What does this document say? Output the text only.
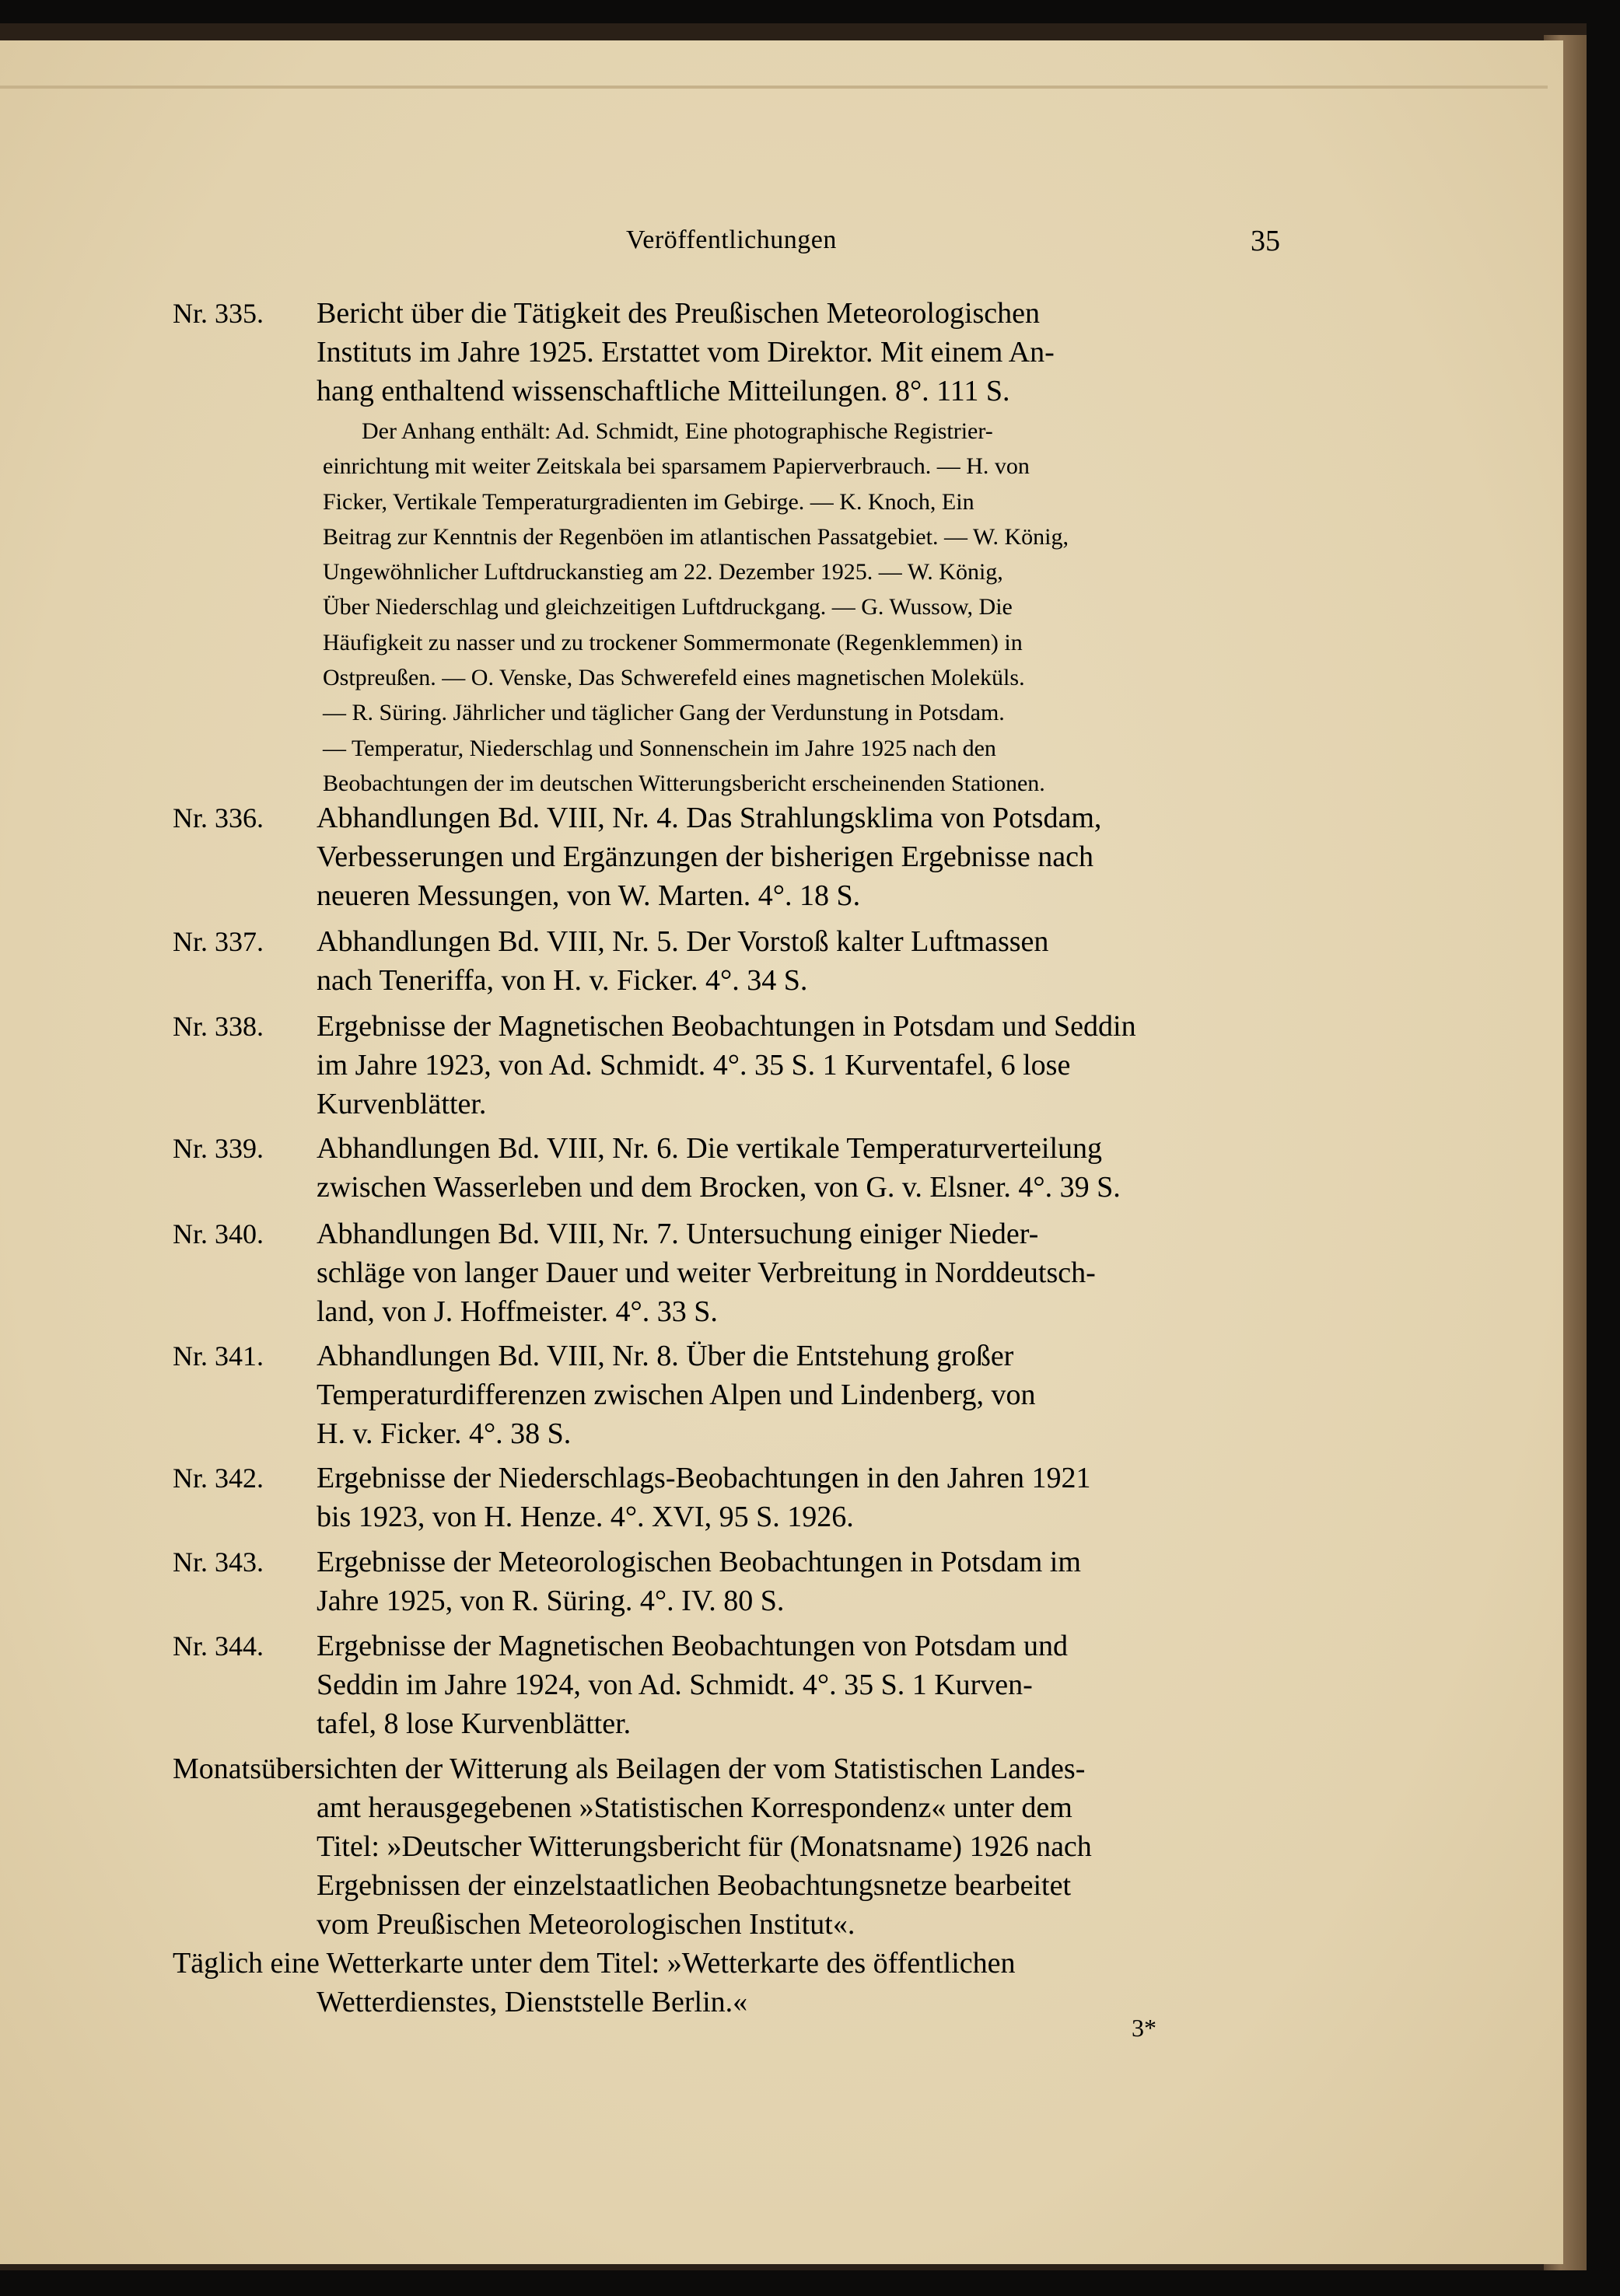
Veröffentlichungen	35
Nr. 335.	Bericht über die Tätigkeit des Preußischen Meteorologischen
Instituts im Jahre 1925. Erstattet vom Direktor. Mit einem An-
hang enthaltend wissenschaftliche Mitteilungen. 8°. 111 S.
Der Anhang enthält: Ad. Schmidt, Eine photographische Registrier-
einrichtung mit weiter Zeitskala bei sparsamem Papierverbrauch. — H. von
Ficker, Vertikale Temperaturgradienten im Gebirge. — K. Knoch, Ein
Beitrag zur Kenntnis der Regenböen im atlantischen Passatgebiet. — W. König,
Ungewöhnlicher Luftdruckanstieg am 22. Dezember 1925. — W. König,
Über Niederschlag und gleichzeitigen Luftdruckgang. — G. Wussow, Die
Häufigkeit zu nasser und zu trockener Sommermonate (Regenklemmen) in
Ostpreußen. — O. Venske, Das Schwerefeld eines magnetischen Moleküls.
— R. Süring. Jährlicher und täglicher Gang der Verdunstung in Potsdam.
— Temperatur, Niederschlag und Sonnenschein im Jahre 1925 nach den
Beobachtungen der im deutschen Witterungsbericht erscheinenden Stationen.
Nr. 336.	Abhandlungen Bd. VIII, Nr. 4. Das Strahlungsklima von Potsdam,
Verbesserungen und Ergänzungen der bisherigen Ergebnisse nach
neueren Messungen, von W. Marten. 4°. 18 S.
Nr. 337.	Abhandlungen Bd. VIII, Nr. 5. Der Vorstoß kalter Luftmassen
nach Teneriffa, von H. v. Ficker. 4°. 34 S.
Nr. 338.	Ergebnisse der Magnetischen Beobachtungen in Potsdam und Seddin
im Jahre 1923, von Ad. Schmidt. 4°. 35 S. 1 Kurventafel, 6 lose
Kurvenblätter.
Nr. 339.	Abhandlungen Bd. VIII, Nr. 6. Die vertikale Temperaturverteilung
zwischen Wasserleben und dem Brocken, von G. v. Elsner. 4°. 39 S.
Nr. 340.	Abhandlungen Bd. VIII, Nr. 7. Untersuchung einiger Nieder-
schläge von langer Dauer und weiter Verbreitung in Norddeutsch-
land, von J. Hoffmeister. 4°. 33 S.
Nr. 341.	Abhandlungen Bd. VIII, Nr. 8. Über die Entstehung großer
Temperaturdifferenzen zwischen Alpen und Lindenberg, von
H. v. Ficker. 4°. 38 S.
Nr. 342.	Ergebnisse der Niederschlags-Beobachtungen in den Jahren 1921
bis 1923, von H. Henze. 4°. XVI, 95 S. 1926.
Nr. 343.	Ergebnisse der Meteorologischen Beobachtungen in Potsdam im
Jahre 1925, von R. Süring. 4°. IV. 80 S.
Nr. 344.	Ergebnisse der Magnetischen Beobachtungen von Potsdam und
Seddin im Jahre 1924, von Ad. Schmidt. 4°. 35 S. 1 Kurven-
tafel, 8 lose Kurvenblätter.
Monatsübersichten der Witterung als Beilagen der vom Statistischen Landes-
amt herausgegebenen »Statistischen Korrespondenz« unter dem
Titel: »Deutscher Witterungsbericht für (Monatsname) 1926 nach
Ergebnissen der einzelstaatlichen Beobachtungsnetze bearbeitet
vom Preußischen Meteorologischen Institut«.
Täglich eine Wetterkarte unter dem Titel: »Wetterkarte des öffentlichen
Wetterdienstes, Dienststelle Berlin.«
3*
